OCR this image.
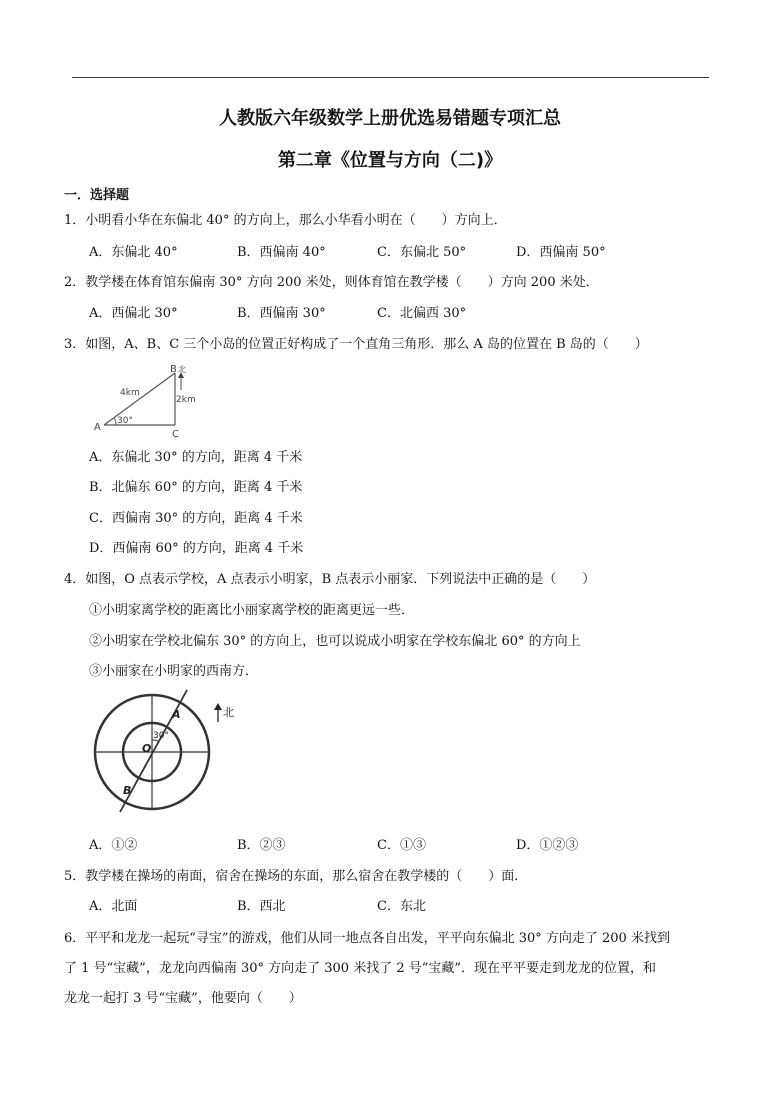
人教版六年级数学上册优选易错题专项汇总
第二章《位置与方向（二)》
一．选择题
1．小明看小华在东偏北 40° 的方向上，那么小华看小明在（　　）方向上．
A．东偏北 40°	B．西偏南 40°	C．东偏北 50°	D．西偏南 50°
2．教学楼在体育馆东偏南 30° 方向 200 米处，则体育馆在教学楼（　　）方向 200 米处．
A．西偏北 30°	B．西偏南 30°	C．北偏西 30°
3．如图，A、B、C 三个小岛的位置正好构成了一个直角三角形．那么 A 岛的位置在 B 岛的（　　）
A
B
C
4km
2km
30°
北
A．东偏北 30° 的方向，距离 4 千米
B．北偏东 60° 的方向，距离 4 千米
C．西偏南 30° 的方向，距离 4 千米
D．西偏南 60° 的方向，距离 4 千米
4．如图，O 点表示学校，A 点表示小明家，B 点表示小丽家．下列说法中正确的是（　　）
①小明家离学校的距离比小丽家离学校的距离更远一些．
②小明家在学校北偏东 30° 的方向上，也可以说成小明家在学校东偏北 60° 的方向上
③小丽家在小明家的西南方．
A
B
O
30°
北
A．①②	B．②③	C．①③	D．①②③
5．教学楼在操场的南面，宿舍在操场的东面，那么宿舍在教学楼的（　　）面．
A．北面	B．西北	C．东北
6．平平和龙龙一起玩“寻宝”的游戏，他们从同一地点各自出发，平平向东偏北 30° 方向走了 200 米找到
了 1 号“宝藏”，龙龙向西偏南 30° 方向走了 300 米找了 2 号“宝藏”．现在平平要走到龙龙的位置，和
龙龙一起打 3 号“宝藏”，他要向（　　）
